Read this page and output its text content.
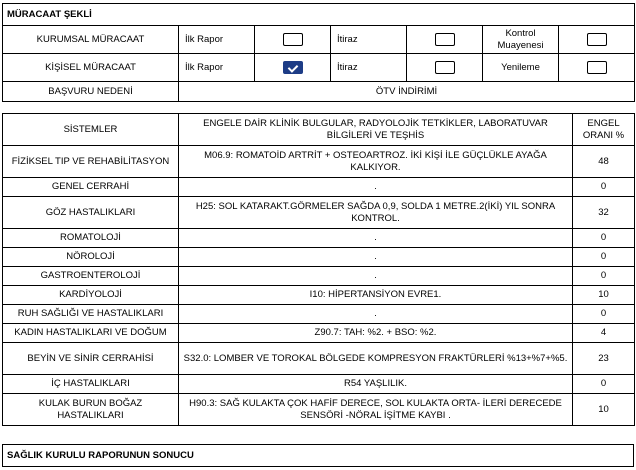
MÜRACAAT ŞEKLİ						
KURUMSAL MÜRACAAT	İlk Rapor		İtiraz		Kontrol Muayenesi	
KİŞİSEL MÜRACAAT	İlk Rapor		İtiraz		Yenileme	
BAŞVURU NEDENİ	ÖTV İNDİRİMİ					
SİSTEMLER	ENGELE DAİR KLİNİK BULGULAR, RADYOLOJİK TETKİKLER, LABORATUVAR BİLGİLERİ VE TEŞHİS	ENGEL ORANI %
FİZİKSEL TIP VE REHABİLİTASYON	M06.9: ROMATOİD ARTRİT + OSTEOARTROZ. İKİ KİŞİ İLE GÜÇLÜKLE AYAĞA KALKIYOR.	48
GENEL CERRAHİ	.	0
GÖZ HASTALIKLARI	H25: SOL KATARAKT.GÖRMELER SAĞDA 0,9, SOLDA 1 METRE.2(İKİ) YIL SONRA KONTROL.	32
ROMATOLOJİ	.	0
NÖROLOJİ	.	0
GASTROENTEROLOJİ	.	0
KARDİYOLOJİ	I10: HİPERTANSİYON EVRE1.	10
RUH SAĞLIĞI VE HASTALIKLARI	.	0
KADIN HASTALIKLARI VE DOĞUM	Z90.7: TAH: %2. + BSO: %2.	4
BEYİN VE SİNİR CERRAHİSİ	S32.0: LOMBER VE TOROKAL BÖLGEDE KOMPRESYON FRAKTÜRLERİ %13+%7+%5.	23
İÇ HASTALIKLARI	R54 YAŞLILIK.	0
KULAK BURUN BOĞAZ HASTALIKLARI	H90.3: SAĞ KULAKTA ÇOK HAFİF DERECE, SOL KULAKTA ORTA- İLERİ DERECEDE SENSÖRİ -NÖRAL İŞİTME KAYBI .	10
SAĞLIK KURULU RAPORUNUN SONUCU
